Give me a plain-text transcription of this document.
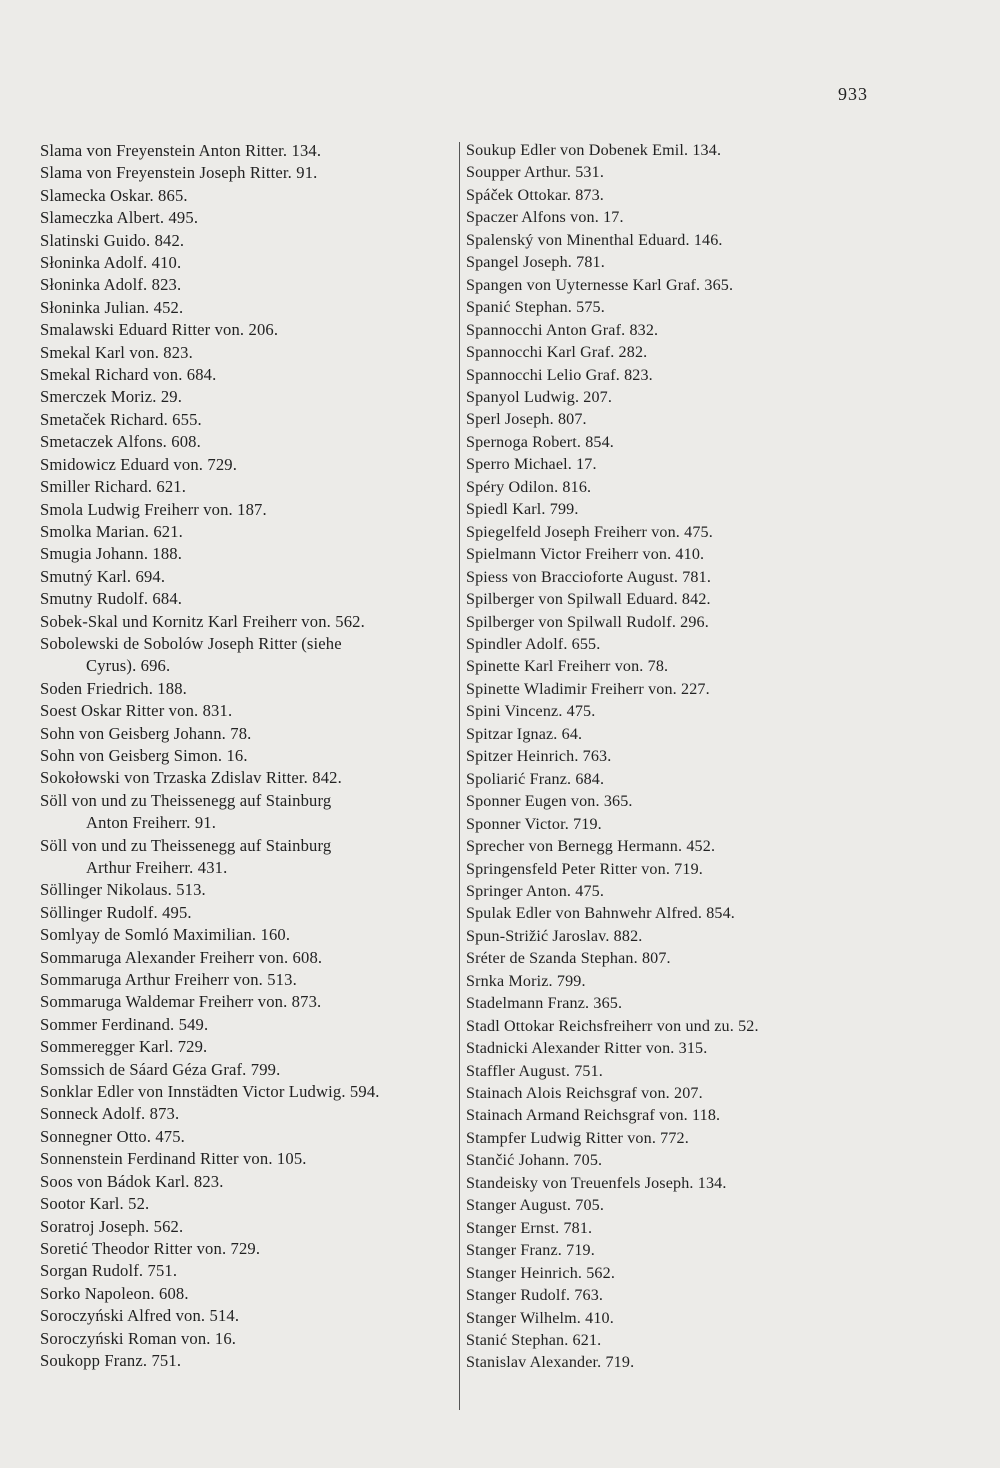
933
Slama von Freyenstein Anton Ritter. 134.
Slama von Freyenstein Joseph Ritter. 91.
Slamecka Oskar. 865.
Slameczka Albert. 495.
Slatinski Guido. 842.
Słoninka Adolf. 410.
Słoninka Adolf. 823.
Słoninka Julian. 452.
Smalawski Eduard Ritter von. 206.
Smekal Karl von. 823.
Smekal Richard von. 684.
Smerczek Moriz. 29.
Smetaček Richard. 655.
Smetaczek Alfons. 608.
Smidowicz Eduard von. 729.
Smiller Richard. 621.
Smola Ludwig Freiherr von. 187.
Smolka Marian. 621.
Smugia Johann. 188.
Smutný Karl. 694.
Smutny Rudolf. 684.
Sobek-Skal und Kornitz Karl Freiherr von. 562.
Sobolewski de Sobolów Joseph Ritter (siehe
Cyrus). 696.
Soden Friedrich. 188.
Soest Oskar Ritter von. 831.
Sohn von Geisberg Johann. 78.
Sohn von Geisberg Simon. 16.
Sokołowski von Trzaska Zdislav Ritter. 842.
Söll von und zu Theissenegg auf Stainburg
Anton Freiherr. 91.
Söll von und zu Theissenegg auf Stainburg
Arthur Freiherr. 431.
Söllinger Nikolaus. 513.
Söllinger Rudolf. 495.
Somlyay de Somló Maximilian. 160.
Sommaruga Alexander Freiherr von. 608.
Sommaruga Arthur Freiherr von. 513.
Sommaruga Waldemar Freiherr von. 873.
Sommer Ferdinand. 549.
Sommeregger Karl. 729.
Somssich de Sáard Géza Graf. 799.
Sonklar Edler von Innstädten Victor Ludwig. 594.
Sonneck Adolf. 873.
Sonnegner Otto. 475.
Sonnenstein Ferdinand Ritter von. 105.
Soos von Bádok Karl. 823.
Sootor Karl. 52.
Soratroj Joseph. 562.
Soretić Theodor Ritter von. 729.
Sorgan Rudolf. 751.
Sorko Napoleon. 608.
Soroczyński Alfred von. 514.
Soroczyński Roman von. 16.
Soukopp Franz. 751.
Soukup Edler von Dobenek Emil. 134.
Soupper Arthur. 531.
Spáček Ottokar. 873.
Spaczer Alfons von. 17.
Spalenský von Minenthal Eduard. 146.
Spangel Joseph. 781.
Spangen von Uyternesse Karl Graf. 365.
Spanić Stephan. 575.
Spannocchi Anton Graf. 832.
Spannocchi Karl Graf. 282.
Spannocchi Lelio Graf. 823.
Spanyol Ludwig. 207.
Sperl Joseph. 807.
Spernoga Robert. 854.
Sperro Michael. 17.
Spéry Odilon. 816.
Spiedl Karl. 799.
Spiegelfeld Joseph Freiherr von. 475.
Spielmann Victor Freiherr von. 410.
Spiess von Braccioforte August. 781.
Spilberger von Spilwall Eduard. 842.
Spilberger von Spilwall Rudolf. 296.
Spindler Adolf. 655.
Spinette Karl Freiherr von. 78.
Spinette Wladimir Freiherr von. 227.
Spini Vincenz. 475.
Spitzar Ignaz. 64.
Spitzer Heinrich. 763.
Spoliarić Franz. 684.
Sponner Eugen von. 365.
Sponner Victor. 719.
Sprecher von Bernegg Hermann. 452.
Springensfeld Peter Ritter von. 719.
Springer Anton. 475.
Spulak Edler von Bahnwehr Alfred. 854.
Spun-Strižić Jaroslav. 882.
Sréter de Szanda Stephan. 807.
Srnka Moriz. 799.
Stadelmann Franz. 365.
Stadl Ottokar Reichsfreiherr von und zu. 52.
Stadnicki Alexander Ritter von. 315.
Staffler August. 751.
Stainach Alois Reichsgraf von. 207.
Stainach Armand Reichsgraf von. 118.
Stampfer Ludwig Ritter von. 772.
Stančić Johann. 705.
Standeisky von Treuenfels Joseph. 134.
Stanger August. 705.
Stanger Ernst. 781.
Stanger Franz. 719.
Stanger Heinrich. 562.
Stanger Rudolf. 763.
Stanger Wilhelm. 410.
Stanić Stephan. 621.
Stanislav Alexander. 719.
